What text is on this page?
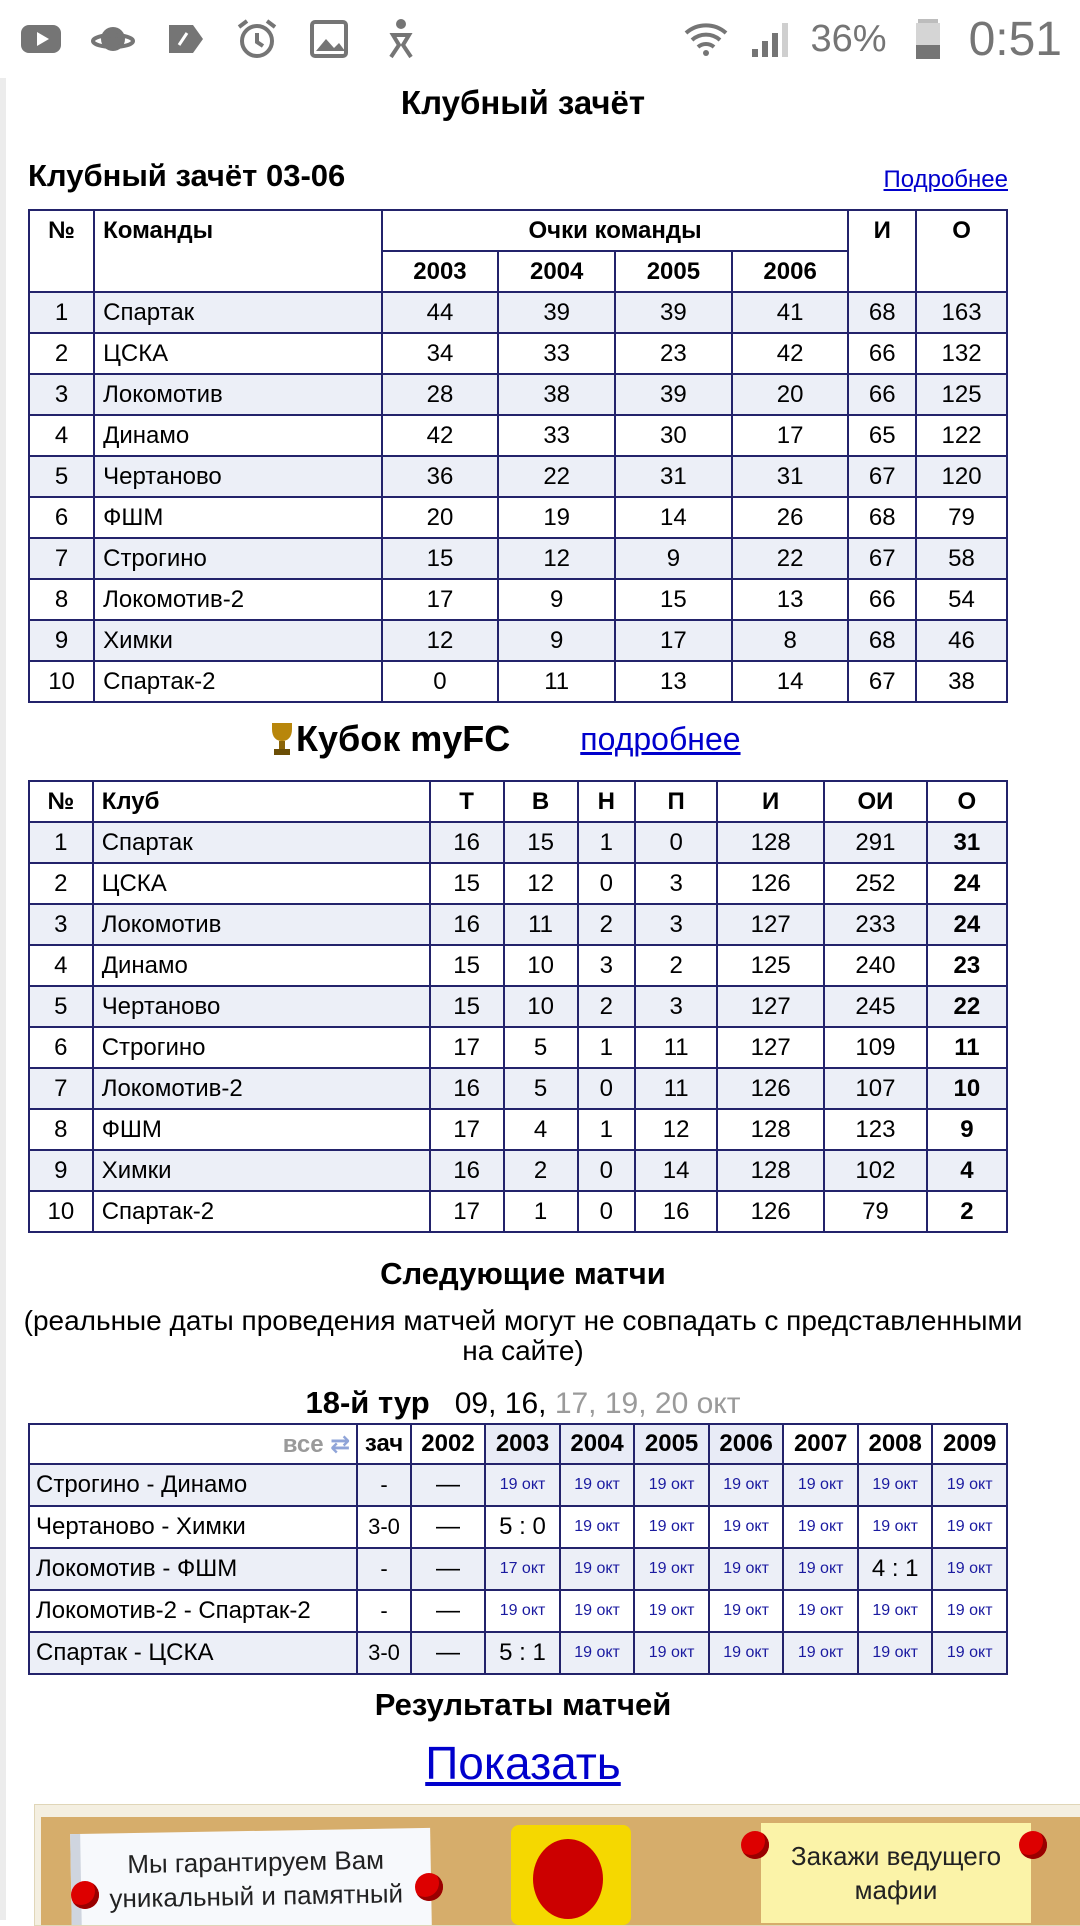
36% 0:51
Клубный зачёт
Клубный зачёт 03-06	Подробнее
№	Команды	Очки команды				И	О
		2003	2004	2005	2006		
1	Спартак	44	39	39	41	68	163
2	ЦСКА	34	33	23	42	66	132
3	Локомотив	28	38	39	20	66	125
4	Динамо	42	33	30	17	65	122
5	Чертаново	36	22	31	31	67	120
6	ФШМ	20	19	14	26	68	79
7	Строгино	15	12	9	22	67	58
8	Локомотив-2	17	9	15	13	66	54
9	Химки	12	9	17	8	68	46
10	Спартак-2	0	11	13	14	67	38
Кубок myFC подробнее
№	Клуб	Т	В	Н	П	И	ОИ	О
1	Спартак	16	15	1	0	128	291	31
2	ЦСКА	15	12	0	3	126	252	24
3	Локомотив	16	11	2	3	127	233	24
4	Динамо	15	10	3	2	125	240	23
5	Чертаново	15	10	2	3	127	245	22
6	Строгино	17	5	1	11	127	109	11
7	Локомотив-2	16	5	0	11	126	107	10
8	ФШМ	17	4	1	12	128	123	9
9	Химки	16	2	0	14	128	102	4
10	Спартак-2	17	1	0	16	126	79	2
Следующие матчи
(реальные даты проведения матчей могут не совпадать с представленными на сайте)
18-й тур 09, 16, 17, 19, 20 окт
все ⇄	зач	2002	2003	2004	2005	2006	2007	2008	2009
Строгино - Динамо	-	—	19 окт	19 окт	19 окт	19 окт	19 окт	19 окт	19 окт
Чертаново - Химки	3-0	—	5 : 0	19 окт	19 окт	19 окт	19 окт	19 окт	19 окт
Локомотив - ФШМ	-	—	17 окт	19 окт	19 окт	19 окт	19 окт	4 : 1	19 окт
Локомотив-2 - Спартак-2	-	—	19 окт	19 окт	19 окт	19 окт	19 окт	19 окт	19 окт
Спартак - ЦСКА	3-0	—	5 : 1	19 окт	19 окт	19 окт	19 окт	19 окт	19 окт
Результаты матчей
Показать
Мы гарантируем Вам уникальный и памятный
Закажи ведущего мафии
